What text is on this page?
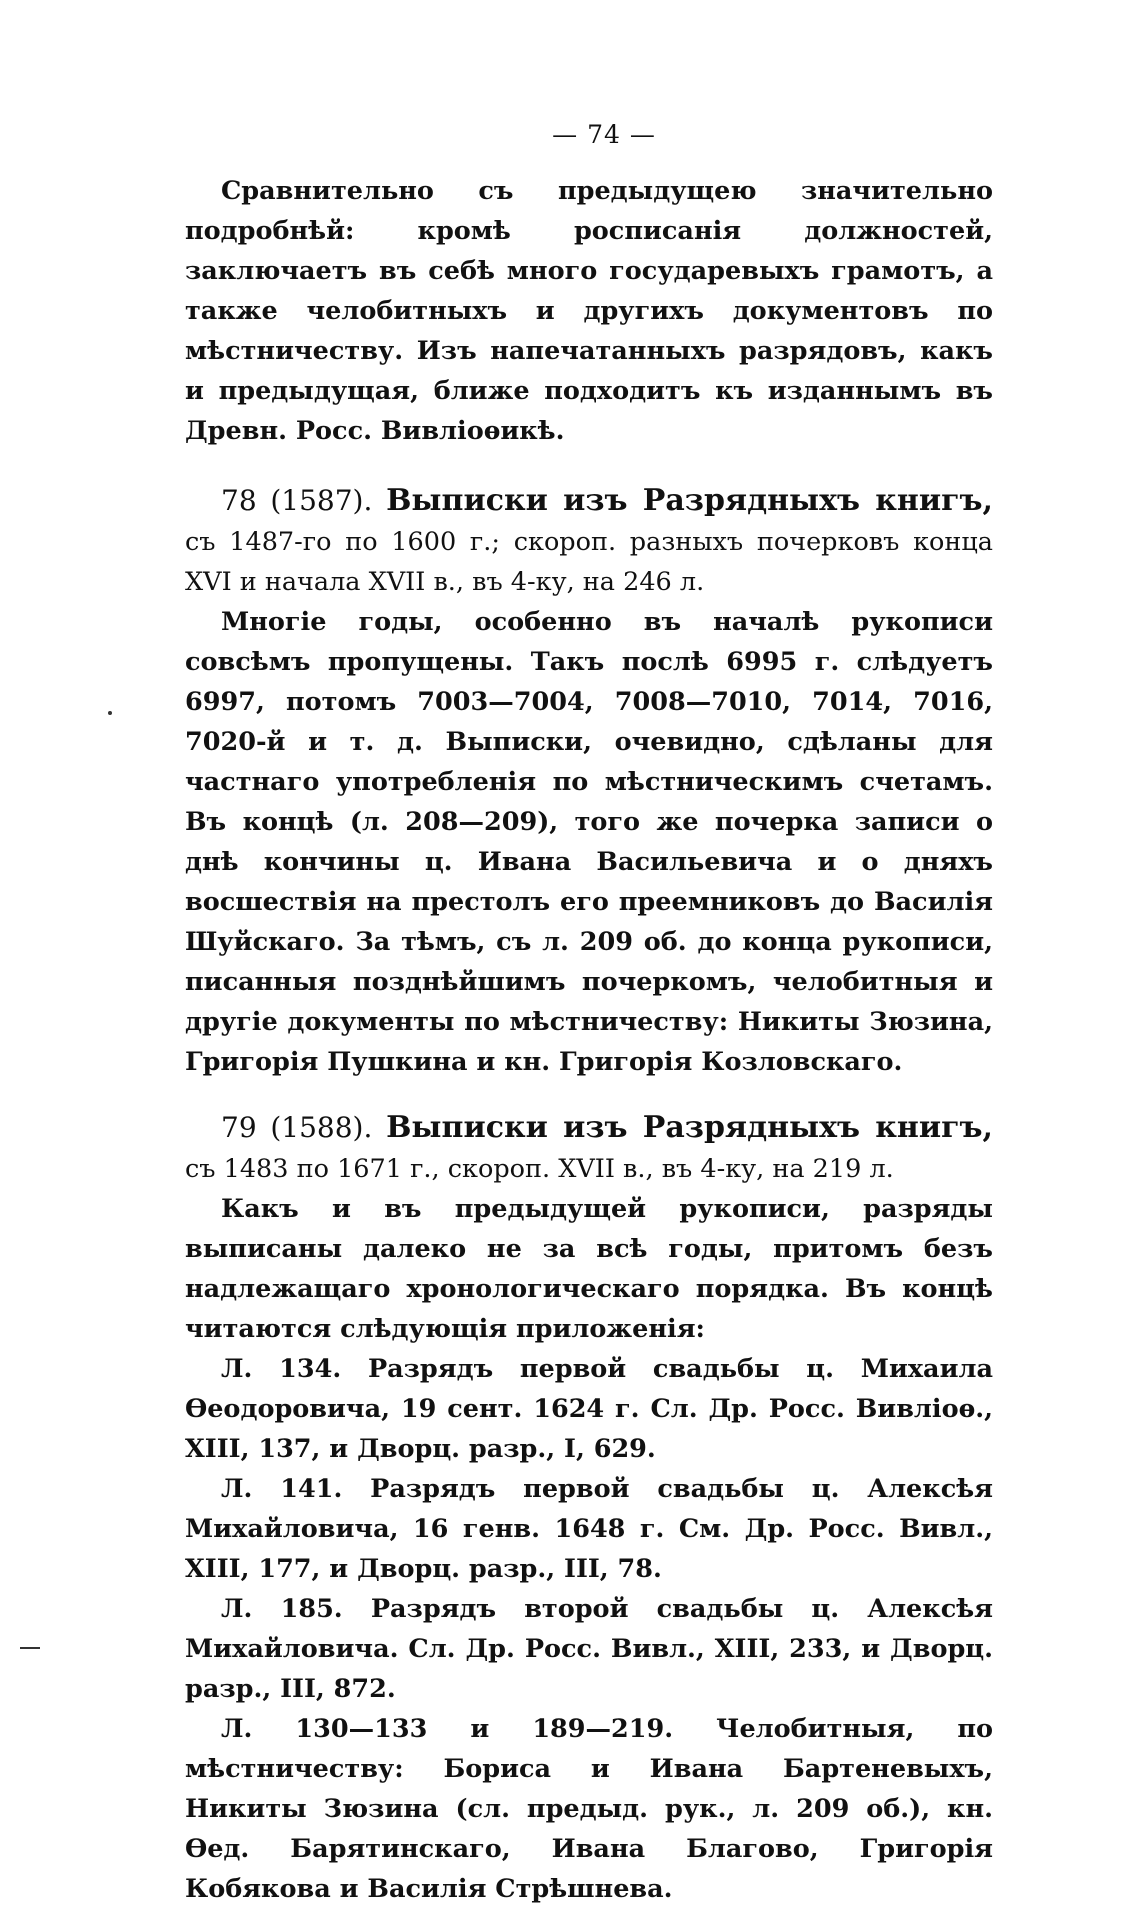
— 74 —

Сравнительно съ предыдущею значительно подробнѣй: кромѣ росписанія должностей, заключаетъ въ себѣ много государевыхъ грамотъ, а также челобитныхъ и другихъ документовъ по мѣстничеству. Изъ напечатанныхъ разрядовъ, какъ и предыдущая, ближе подходитъ къ изданнымъ въ Древн. Росс. Вивліоѳикѣ.

78 (1587). Выписки изъ Разрядныхъ книгъ, съ 1487-го по 1600 г.; скороп. разныхъ почерковъ конца XVI и начала XVII в., въ 4-ку, на 246 л.

Многіе годы, особенно въ началѣ рукописи совсѣмъ пропущены. Такъ послѣ 6995 г. слѣдуетъ 6997, потомъ 7003—7004, 7008—7010, 7014, 7016, 7020-й и т. д. Выписки, очевидно, сдѣланы для частнаго употребленія по мѣстническимъ счетамъ. Въ концѣ (л. 208—209), того же почерка записи о днѣ кончины ц. Ивана Васильевича и о дняхъ восшествія на престолъ его преемниковъ до Василія Шуйскаго. За тѣмъ, съ л. 209 об. до конца рукописи, писанныя позднѣйшимъ почеркомъ, челобитныя и другіе документы по мѣстничеству: Никиты Зюзина, Григорія Пушкина и кн. Григорія Козловскаго.

79 (1588). Выписки изъ Разрядныхъ книгъ, съ 1483 по 1671 г., скороп. XVII в., въ 4-ку, на 219 л.

Какъ и въ предыдущей рукописи, разряды выписаны далеко не за всѣ годы, притомъ безъ надлежащаго хронологическаго порядка. Въ концѣ читаются слѣдующія приложенія:

Л. 134. Разрядъ первой свадьбы ц. Михаила Ѳеодоровича, 19 сент. 1624 г. Сл. Др. Росс. Вивліоѳ., XIII, 137, и Дворц. разр., I, 629.

Л. 141. Разрядъ первой свадьбы ц. Алексѣя Михайловича, 16 генв. 1648 г. См. Др. Росс. Вивл., XIII, 177, и Дворц. разр., III, 78.

Л. 185. Разрядъ второй свадьбы ц. Алексѣя Михайловича. Сл. Др. Росс. Вивл., XIII, 233, и Дворц. разр., III, 872.

Л. 130—133 и 189—219. Челобитныя, по мѣстничеству: Бориса и Ивана Бартеневыхъ, Никиты Зюзина (сл. предыд. рук., л. 209 об.), кн. Ѳед. Барятинскаго, Ивана Благово, Григорія Кобякова и Василія Стрѣшнева.
